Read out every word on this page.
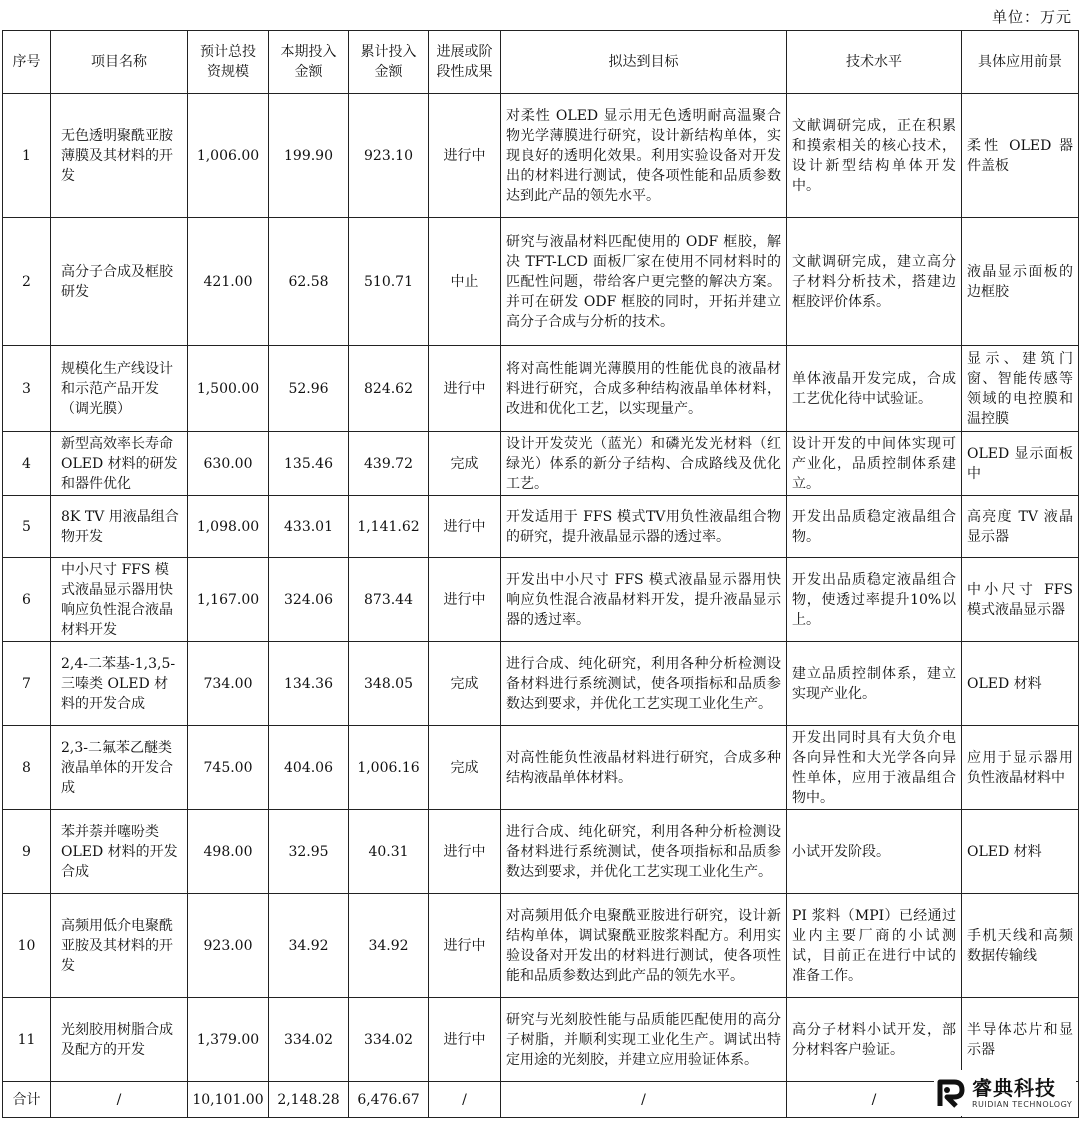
单位：万元
序号	项目名称	预计总投资规模	本期投入金额	累计投入金额	进展或阶段性成果	拟达到目标	技术水平	具体应用前景
1	无色透明聚酰亚胺薄膜及其材料的开发	1,006.00	199.90	923.10	进行中	对柔性 OLED 显示用无色透明耐高温聚合物光学薄膜进行研究，设计新结构单体，实现良好的透明化效果。利用实验设备对开发出的材料进行测试，使各项性能和品质参数达到此产品的领先水平。	文献调研完成，正在积累和摸索相关的核心技术，设计新型结构单体开发中。	柔性 OLED 器件盖板
2	高分子合成及框胶研发	421.00	62.58	510.71	中止	研究与液晶材料匹配使用的 ODF 框胶，解决 TFT-LCD 面板厂家在使用不同材料时的匹配性问题，带给客户更完整的解决方案。并可在研发 ODF 框胶的同时，开拓并建立高分子合成与分析的技术。	文献调研完成，建立高分子材料分析技术，搭建边框胶评价体系。	液晶显示面板的边框胶
3	规模化生产线设计和示范产品开发（调光膜）	1,500.00	52.96	824.62	进行中	将对高性能调光薄膜用的性能优良的液晶材料进行研究，合成多种结构液晶单体材料，改进和优化工艺，以实现量产。	单体液晶开发完成，合成工艺优化待中试验证。	显示、建筑门窗、智能传感等领域的电控膜和温控膜
4	新型高效率长寿命 OLED 材料的研发和器件优化	630.00	135.46	439.72	完成	设计开发荧光（蓝光）和磷光发光材料（红绿光）体系的新分子结构、合成路线及优化工艺。	设计开发的中间体实现可产业化，品质控制体系建立。	OLED 显示面板中
5	8K TV 用液晶组合物开发	1,098.00	433.01	1,141.62	进行中	开发适用于 FFS 模式TV用负性液晶组合物的研究，提升液晶显示器的透过率。	开发出品质稳定液晶组合物。	高亮度 TV 液晶显示器
6	中小尺寸 FFS 模式液晶显示器用快响应负性混合液晶材料开发	1,167.00	324.06	873.44	进行中	开发出中小尺寸 FFS 模式液晶显示器用快响应负性混合液晶材料开发，提升液晶显示器的透过率。	开发出品质稳定液晶组合物，使透过率提升10%以上。	中小尺寸 FFS 模式液晶显示器
7	2,4-二苯基-1,3,5-三嗪类 OLED 材料的开发合成	734.00	134.36	348.05	完成	进行合成、纯化研究，利用各种分析检测设备材料进行系统测试，使各项指标和品质参数达到要求，并优化工艺实现工业化生产。	建立品质控制体系，建立实现产业化。	OLED 材料
8	2,3-二氟苯乙醚类液晶单体的开发合成	745.00	404.06	1,006.16	完成	对高性能负性液晶材料进行研究，合成多种结构液晶单体材料。	开发出同时具有大负介电各向异性和大光学各向异性单体，应用于液晶组合物中。	应用于显示器用负性液晶材料中
9	苯并萘并噻吩类 OLED 材料的开发合成	498.00	32.95	40.31	进行中	进行合成、纯化研究，利用各种分析检测设备材料进行系统测试，使各项指标和品质参数达到要求，并优化工艺实现工业化生产。	小试开发阶段。	OLED 材料
10	高频用低介电聚酰亚胺及其材料的开发	923.00	34.92	34.92	进行中	对高频用低介电聚酰亚胺进行研究，设计新结构单体，调试聚酰亚胺浆料配方。利用实验设备对开发出的材料进行测试，使各项性能和品质参数达到此产品的领先水平。	PI 浆料（MPI）已经通过业内主要厂商的小试测试，目前正在进行中试的准备工作。	手机天线和高频数据传输线
11	光刻胶用树脂合成及配方的开发	1,379.00	334.02	334.02	进行中	研究与光刻胶性能与品质能匹配使用的高分子树脂，并顺利实现工业化生产。调试出特定用途的光刻胶，并建立应用验证体系。	高分子材料小试开发，部分材料客户验证。	半导体芯片和显示器
合计	/	10,101.00	2,148.28	6,476.67	/	/	/		睿典科技
RUIDIAN TECHNOLOGY
